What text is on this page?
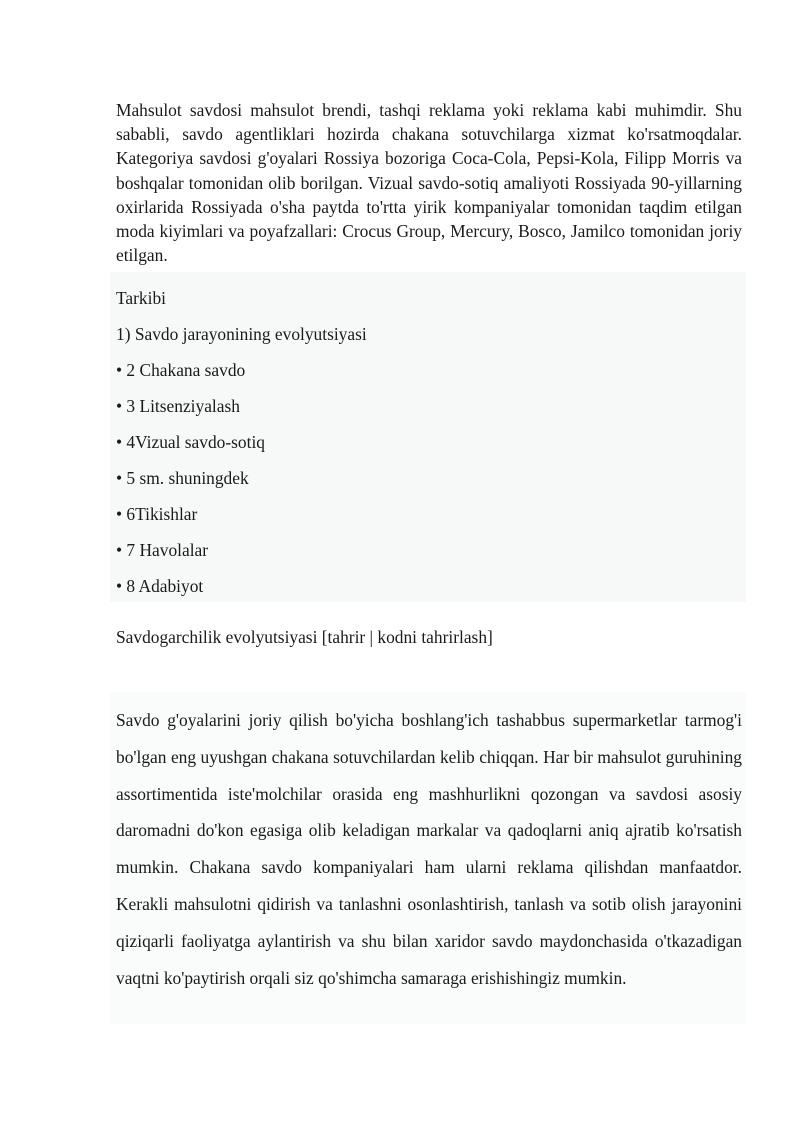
Mahsulot savdosi mahsulot brendi, tashqi reklama yoki reklama kabi muhimdir. Shu sababli, savdo agentliklari hozirda chakana sotuvchilarga xizmat ko'rsatmoqdalar. Kategoriya savdosi g'oyalari Rossiya bozoriga Coca-Cola, Pepsi-Kola, Filipp Morris va boshqalar tomonidan olib borilgan. Vizual savdo-sotiq amaliyoti Rossiyada 90-yillarning oxirlarida Rossiyada o'sha paytda to'rtta yirik kompaniyalar tomonidan taqdim etilgan moda kiyimlari va poyafzallari: Crocus Group, Mercury, Bosco, Jamilco tomonidan joriy etilgan.

Tarkibi

1) Savdo jarayonining evolyutsiyasi

• 2 Chakana savdo

• 3 Litsenziyalash

• 4Vizual savdo-sotiq

• 5 sm. shuningdek

• 6Tikishlar

• 7 Havolalar

• 8 Adabiyot

Savdogarchilik evolyutsiyasi [tahrir | kodni tahrirlash]

Savdo g'oyalarini joriy qilish bo'yicha boshlang'ich tashabbus supermarketlar tarmog'i bo'lgan eng uyushgan chakana sotuvchilardan kelib chiqqan. Har bir mahsulot guruhining assortimentida iste'molchilar orasida eng mashhurlikni qozongan va savdosi asosiy daromadni do'kon egasiga olib keladigan markalar va qadoqlarni aniq ajratib ko'rsatish mumkin. Chakana savdo kompaniyalari ham ularni reklama qilishdan manfaatdor. Kerakli mahsulotni qidirish va tanlashni osonlashtirish, tanlash va sotib olish jarayonini qiziqarli faoliyatga aylantirish va shu bilan xaridor savdo maydonchasida o'tkazadigan vaqtni ko'paytirish orqali siz qo'shimcha samaraga erishishingiz mumkin.
